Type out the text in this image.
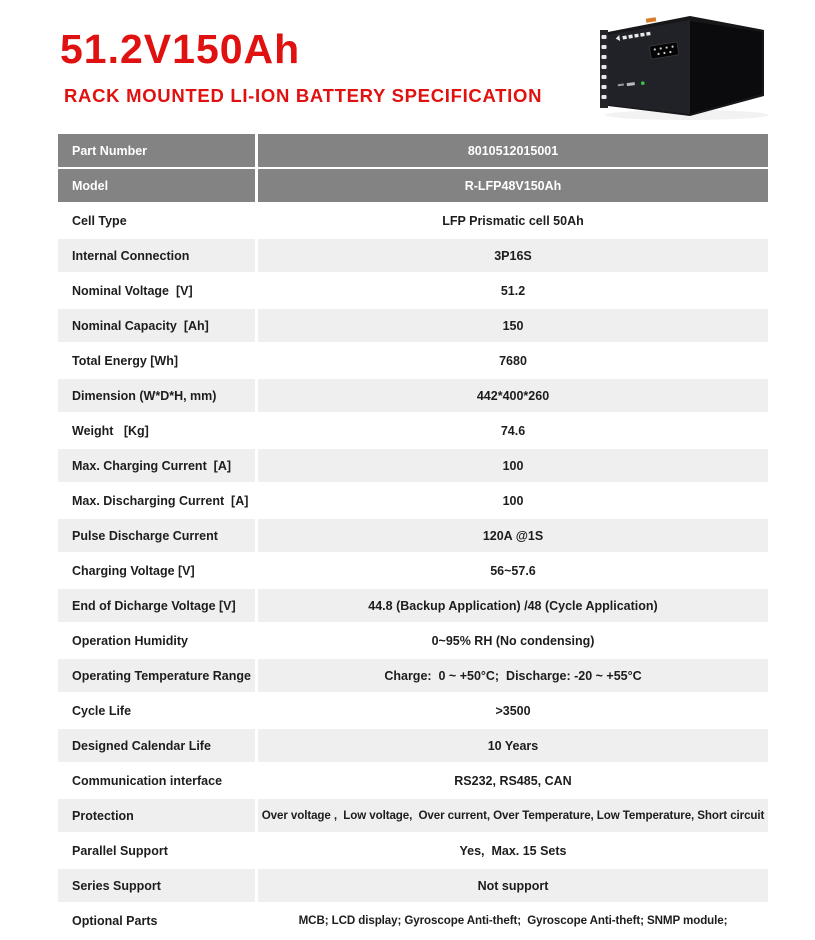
51.2V150Ah
RACK MOUNTED LI-ION BATTERY SPECIFICATION
Part Number	8010512015001
Model	R-LFP48V150Ah
Cell Type	LFP Prismatic cell 50Ah
Internal Connection	3P16S
Nominal Voltage  [V]	51.2
Nominal Capacity  [Ah]	150
Total Energy [Wh]	7680
Dimension (W*D*H, mm)	442*400*260
Weight   [Kg]	74.6
Max. Charging Current  [A]	100
Max. Discharging Current  [A]	100
Pulse Discharge Current	120A @1S
Charging Voltage [V]	56~57.6
End of Dicharge Voltage [V]	44.8 (Backup Application) /48 (Cycle Application)
Operation Humidity	0~95% RH (No condensing)
Operating Temperature Range	Charge:  0 ~ +50°C;  Discharge: -20 ~ +55°C
Cycle Life	>3500
Designed Calendar Life	10 Years
Communication interface	RS232, RS485, CAN
Protection	Over voltage ,  Low voltage,  Over current, Over Temperature, Low Temperature, Short circuit
Parallel Support	Yes,  Max. 15 Sets
Series Support	Not support
Optional Parts	MCB; LCD display; Gyroscope Anti-theft;  Gyroscope Anti-theft; SNMP module;
